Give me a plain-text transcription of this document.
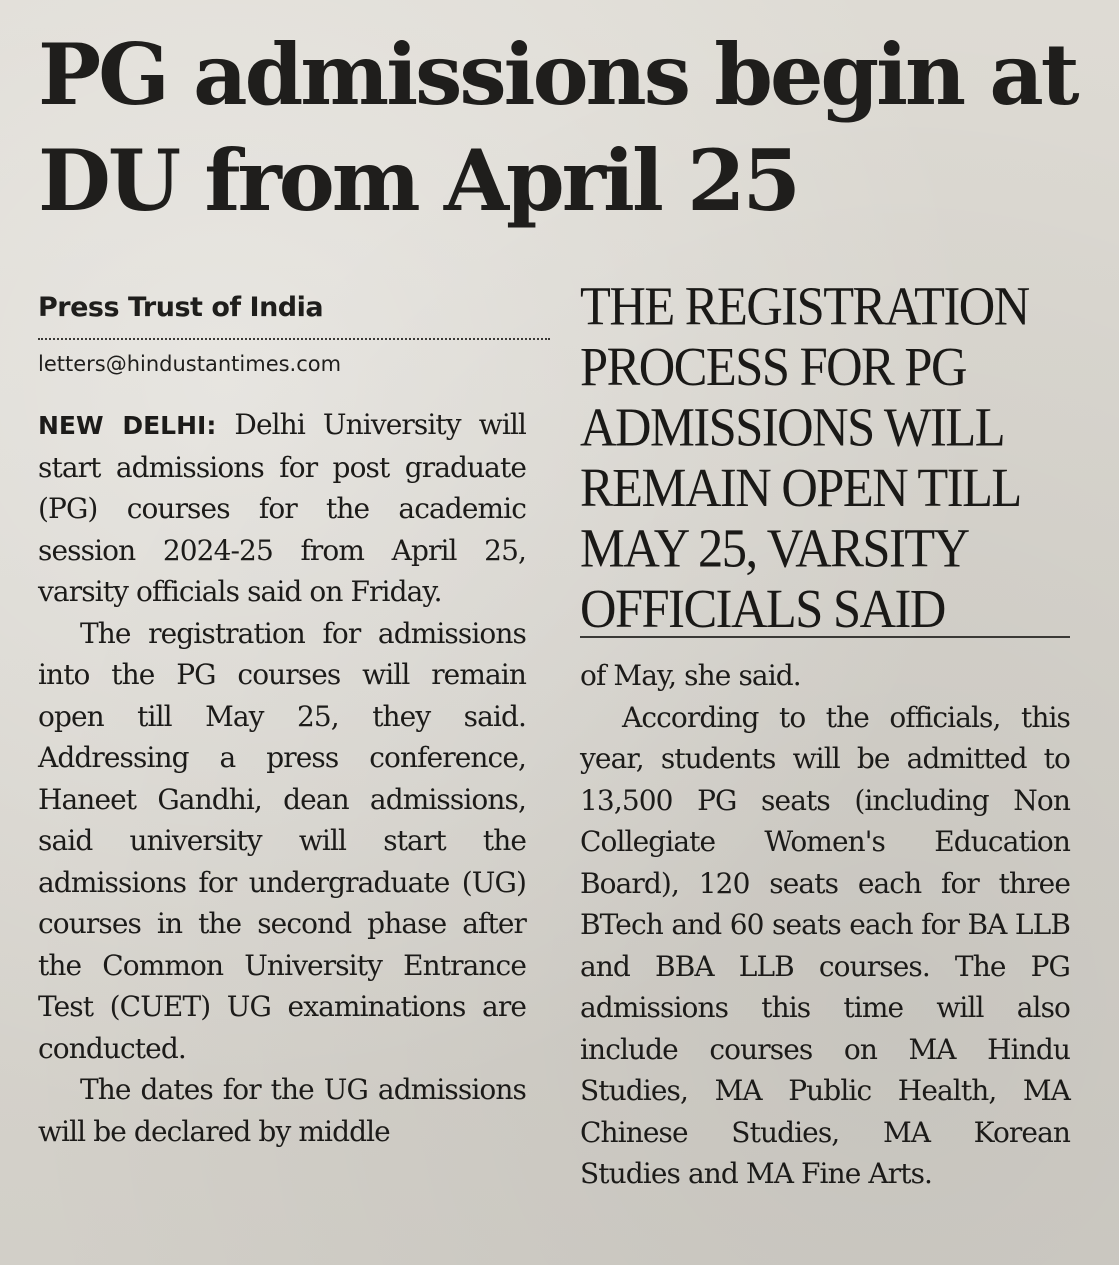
PG admissions begin at DU from April 25
Press Trust of India
letters@hindustantimes.com

NEW DELHI: Delhi University will start admissions for post graduate (PG) courses for the academic session 2024-25 from April 25, varsity officials said on Friday.

The registration for admissions into the PG courses will remain open till May 25, they said. Addressing a press conference, Haneet Gandhi, dean admissions, said university will start the admissions for undergraduate (UG) courses in the second phase after the Common University Entrance Test (CUET) UG examinations are conducted.

The dates for the UG admissions will be declared by middle

THE REGISTRATION PROCESS FOR PG ADMISSIONS WILL REMAIN OPEN TILL MAY 25, VARSITY OFFICIALS SAID

of May, she said.

According to the officials, this year, students will be admitted to 13,500 PG seats (including Non Collegiate Women's Education Board), 120 seats each for three BTech and 60 seats each for BA LLB and BBA LLB courses. The PG admissions this time will also include courses on MA Hindu Studies, MA Public Health, MA Chinese Studies, MA Korean Studies and MA Fine Arts.
